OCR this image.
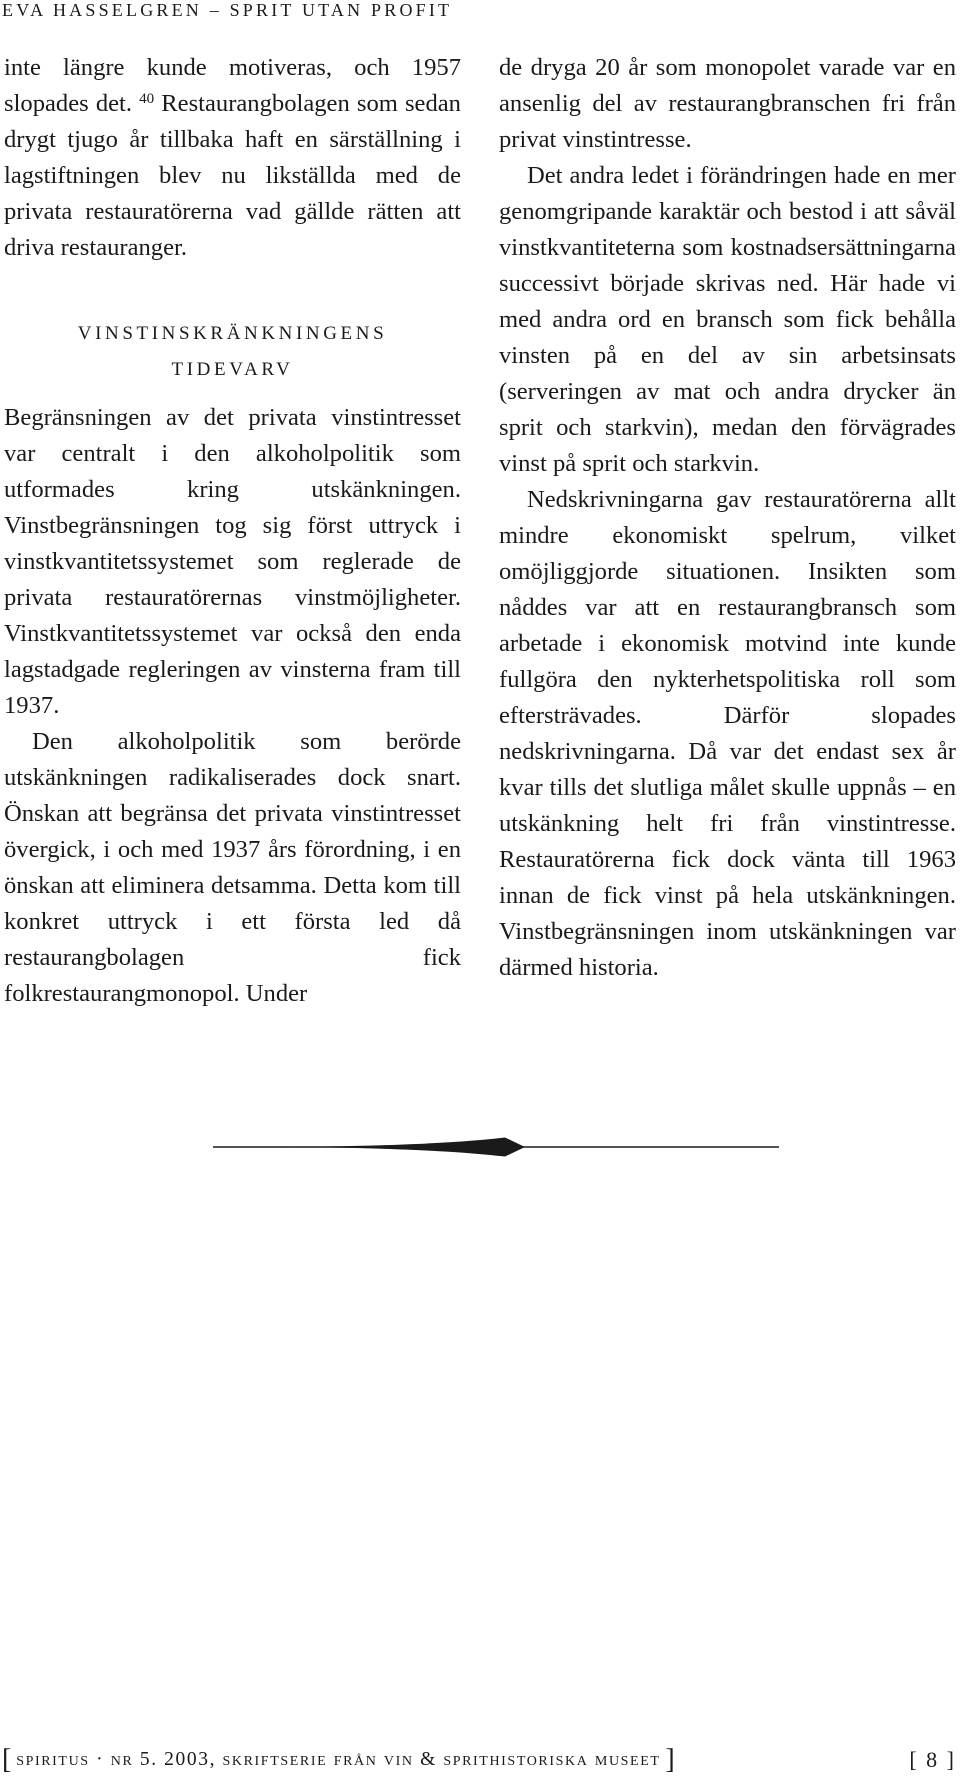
EVA HASSELGREN – SPRIT UTAN PROFIT

inte längre kunde motiveras, och 1957 slopades det. $^{40}$ Restaurangbolagen som sedan drygt tjugo år tillbaka haft en särställning i lagstiftningen blev nu likställda med de privata restauratörerna vad gällde rätten att driva restauranger.

VINSTINSKRÄNKNINGENS
TIDEVARV

Begränsningen av det privata vinstintresset var centralt i den alkoholpolitik som utformades kring utskänkningen. Vinstbegränsningen tog sig först uttryck i vinstkvantitetssystemet som reglerade de privata restauratörernas vinstmöjligheter. Vinstkvantitetssystemet var också den enda lagstadgade regleringen av vinsterna fram till 1937.

Den alkoholpolitik som berörde utskänkningen radikaliserades dock snart. Önskan att begränsa det privata vinstintresset övergick, i och med 1937 års förordning, i en önskan att eliminera detsamma. Detta kom till konkret uttryck i ett första led då restaurangbolagen fick folkrestaurangmonopol. Under

de dryga 20 år som monopolet varade var en ansenlig del av restaurangbranschen fri från privat vinstintresse.

Det andra ledet i förändringen hade en mer genomgripande karaktär och bestod i att såväl vinstkvantiteterna som kostnadsersättningarna successivt började skrivas ned. Här hade vi med andra ord en bransch som fick behålla vinsten på en del av sin arbetsinsats (serveringen av mat och andra drycker än sprit och starkvin), medan den förvägrades vinst på sprit och starkvin.

Nedskrivningarna gav restauratörerna allt mindre ekonomiskt spelrum, vilket omöjliggjorde situationen. Insikten som nåddes var att en restaurangbransch som arbetade i ekonomisk motvind inte kunde fullgöra den nykterhetspolitiska roll som eftersträvades. Därför slopades nedskrivningarna. Då var det endast sex år kvar tills det slutliga målet skulle uppnås – en utskänkning helt fri från vinstintresse. Restauratörerna fick dock vänta till 1963 innan de fick vinst på hela utskänkningen. Vinstbegränsningen inom utskänkningen var därmed historia.

[ spiritus · nr 5. 2003, skriftserie från vin & sprithistoriska museet ]	[ 8 ]
